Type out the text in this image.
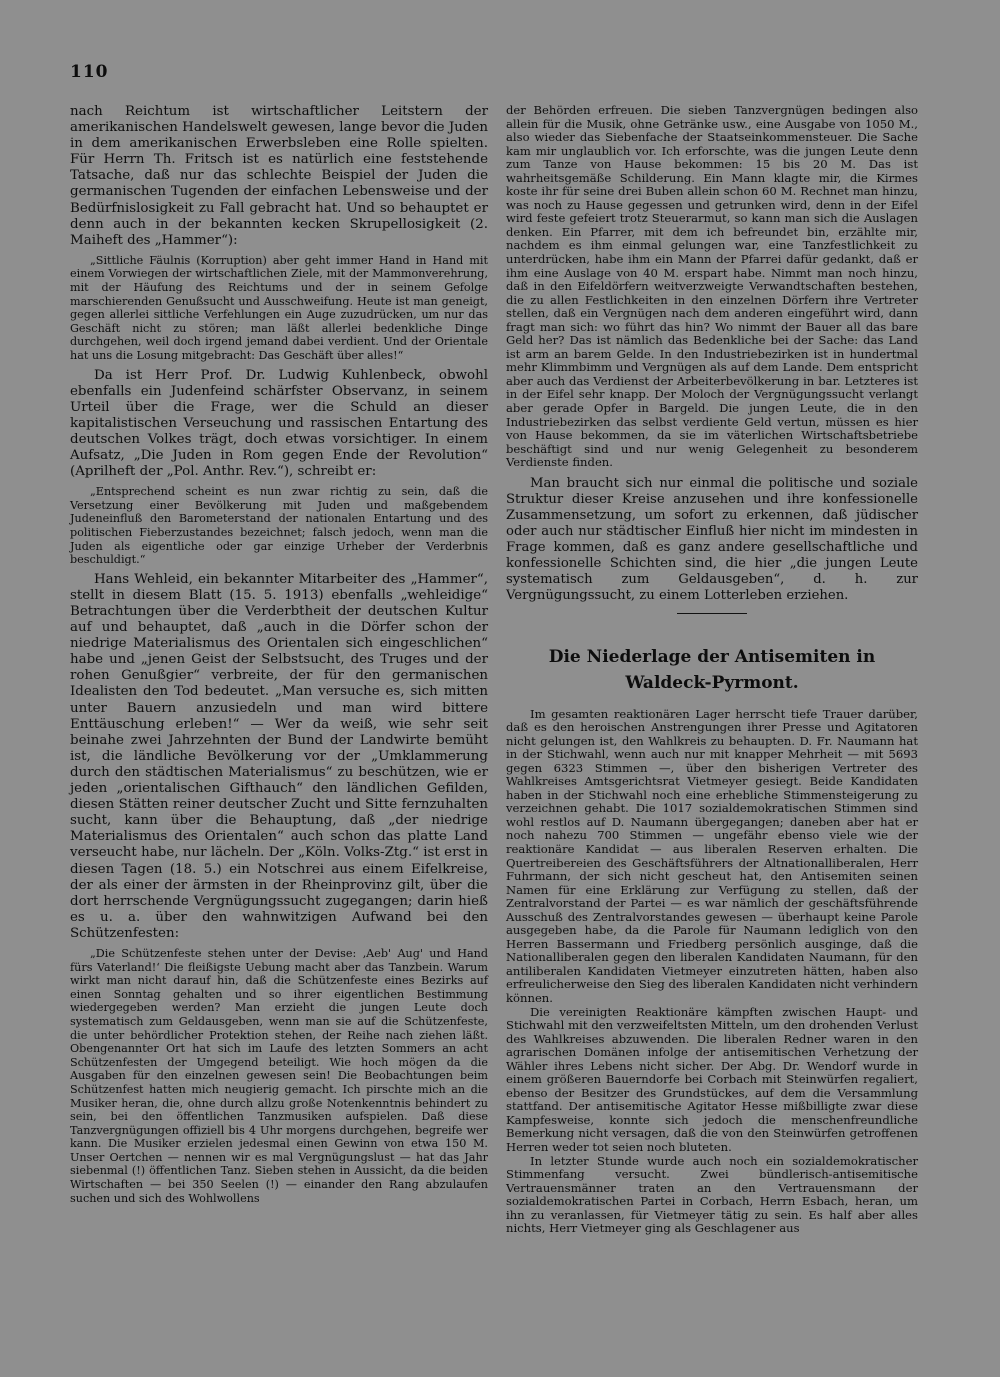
110

nach Reichtum ist wirtschaftlicher Leitstern der amerikanischen Handelswelt gewesen, lange bevor die Juden in dem amerikanischen Erwerbsleben eine Rolle spielten. Für Herrn Th. Fritsch ist es natürlich eine feststehende Tatsache, daß nur das schlechte Beispiel der Juden die germanischen Tugenden der einfachen Lebensweise und der Bedürfnislosigkeit zu Fall gebracht hat. Und so behauptet er denn auch in der bekannten kecken Skrupellosigkeit (2. Maiheft des „Hammer“):

„Sittliche Fäulnis (Korruption) aber geht immer Hand in Hand mit einem Vorwiegen der wirtschaftlichen Ziele, mit der Mammonverehrung, mit der Häufung des Reichtums und der in seinem Gefolge marschierenden Genußsucht und Ausschweifung. Heute ist man geneigt, gegen allerlei sittliche Verfehlungen ein Auge zuzudrücken, um nur das Geschäft nicht zu stören; man läßt allerlei bedenkliche Dinge durchgehen, weil doch irgend jemand dabei verdient. Und der Orientale hat uns die Losung mitgebracht: Das Geschäft über alles!“

Da ist Herr Prof. Dr. Ludwig Kuhlenbeck, obwohl ebenfalls ein Judenfeind schärfster Observanz, in seinem Urteil über die Frage, wer die Schuld an dieser kapitalistischen Verseuchung und rassischen Entartung des deutschen Volkes trägt, doch etwas vorsichtiger. In einem Aufsatz, „Die Juden in Rom gegen Ende der Revolution“ (Aprilheft der „Pol. Anthr. Rev.“), schreibt er:

„Entsprechend scheint es nun zwar richtig zu sein, daß die Versetzung einer Bevölkerung mit Juden und maßgebendem Judeneinfluß den Barometerstand der nationalen Entartung und des politischen Fieberzustandes bezeichnet; falsch jedoch, wenn man die Juden als eigentliche oder gar einzige Urheber der Verderbnis beschuldigt.“

Hans Wehleid, ein bekannter Mitarbeiter des „Hammer“, stellt in diesem Blatt (15. 5. 1913) ebenfalls „wehleidige“ Betrachtungen über die Verderbtheit der deutschen Kultur auf und behauptet, daß „auch in die Dörfer schon der niedrige Materialismus des Orientalen sich eingeschlichen“ habe und „jenen Geist der Selbstsucht, des Truges und der rohen Genußgier“ verbreite, der für den germanischen Idealisten den Tod bedeutet. „Man versuche es, sich mitten unter Bauern anzusiedeln und man wird bittere Enttäuschung erleben!“ — Wer da weiß, wie sehr seit beinahe zwei Jahrzehnten der Bund der Landwirte bemüht ist, die ländliche Bevölkerung vor der „Umklammerung durch den städtischen Materialismus“ zu beschützen, wie er jeden „orientalischen Gifthauch“ den ländlichen Gefilden, diesen Stätten reiner deutscher Zucht und Sitte fernzuhalten sucht, kann über die Behauptung, daß „der niedrige Materialismus des Orientalen“ auch schon das platte Land verseucht habe, nur lächeln. Der „Köln. Volks-Ztg.“ ist erst in diesen Tagen (18. 5.) ein Notschrei aus einem Eifelkreise, der als einer der ärmsten in der Rheinprovinz gilt, über die dort herrschende Vergnügungssucht zugegangen; darin hieß es u. a. über den wahnwitzigen Aufwand bei den Schützenfesten:

„Die Schützenfeste stehen unter der Devise: ‚Aeb' Aug' und Hand fürs Vaterland!‘ Die fleißigste Uebung macht aber das Tanzbein. Warum wirkt man nicht darauf hin, daß die Schützenfeste eines Bezirks auf einen Sonntag gehalten und so ihrer eigentlichen Bestimmung wiedergegeben werden? Man erzieht die jungen Leute doch systematisch zum Geldausgeben, wenn man sie auf die Schützenfeste, die unter behördlicher Protektion stehen, der Reihe nach ziehen läßt. Obengenannter Ort hat sich im Laufe des letzten Sommers an acht Schützenfesten der Umgegend beteiligt. Wie hoch mögen da die Ausgaben für den einzelnen gewesen sein! Die Beobachtungen beim Schützenfest hatten mich neugierig gemacht. Ich pirschte mich an die Musiker heran, die, ohne durch allzu große Notenkenntnis behindert zu sein, bei den öffentlichen Tanzmusiken aufspielen. Daß diese Tanzvergnügungen offiziell bis 4 Uhr morgens durchgehen, begreife wer kann. Die Musiker erzielen jedesmal einen Gewinn von etwa 150 M. Unser Oertchen — nennen wir es mal Vergnügungslust — hat das Jahr siebenmal (!) öffentlichen Tanz. Sieben stehen in Aussicht, da die beiden Wirtschaften — bei 350 Seelen (!) — einander den Rang abzulaufen suchen und sich des Wohlwollens

der Behörden erfreuen. Die sieben Tanzvergnügen bedingen also allein für die Musik, ohne Getränke usw., eine Ausgabe von 1050 M., also wieder das Siebenfache der Staatseinkommensteuer. Die Sache kam mir unglaublich vor. Ich erforschte, was die jungen Leute denn zum Tanze von Hause bekommen: 15 bis 20 M. Das ist wahrheitsgemäße Schilderung. Ein Mann klagte mir, die Kirmes koste ihr für seine drei Buben allein schon 60 M. Rechnet man hinzu, was noch zu Hause gegessen und getrunken wird, denn in der Eifel wird feste gefeiert trotz Steuerarmut, so kann man sich die Auslagen denken. Ein Pfarrer, mit dem ich befreundet bin, erzählte mir, nachdem es ihm einmal gelungen war, eine Tanzfestlichkeit zu unterdrücken, habe ihm ein Mann der Pfarrei dafür gedankt, daß er ihm eine Auslage von 40 M. erspart habe. Nimmt man noch hinzu, daß in den Eifeldörfern weitverzweigte Verwandtschaften bestehen, die zu allen Festlichkeiten in den einzelnen Dörfern ihre Vertreter stellen, daß ein Vergnügen nach dem anderen eingeführt wird, dann fragt man sich: wo führt das hin? Wo nimmt der Bauer all das bare Geld her? Das ist nämlich das Bedenkliche bei der Sache: das Land ist arm an barem Gelde. In den Industriebezirken ist in hundertmal mehr Klimmbimm und Vergnügen als auf dem Lande. Dem entspricht aber auch das Verdienst der Arbeiterbevölkerung in bar. Letzteres ist in der Eifel sehr knapp. Der Moloch der Vergnügungssucht verlangt aber gerade Opfer in Bargeld. Die jungen Leute, die in den Industriebezirken das selbst verdiente Geld vertun, müssen es hier von Hause bekommen, da sie im väterlichen Wirtschaftsbetriebe beschäftigt sind und nur wenig Gelegenheit zu besonderem Verdienste finden.

Man braucht sich nur einmal die politische und soziale Struktur dieser Kreise anzusehen und ihre konfessionelle Zusammensetzung, um sofort zu erkennen, daß jüdischer oder auch nur städtischer Einfluß hier nicht im mindesten in Frage kommen, daß es ganz andere gesellschaftliche und konfessionelle Schichten sind, die hier „die jungen Leute systematisch zum Geldausgeben“, d. h. zur Vergnügungssucht, zu einem Lotterleben erziehen.

Die Niederlage der Antisemiten in
Waldeck-Pyrmont.

Im gesamten reaktionären Lager herrscht tiefe Trauer darüber, daß es den heroischen Anstrengungen ihrer Presse und Agitatoren nicht gelungen ist, den Wahlkreis zu behaupten. D. Fr. Naumann hat in der Stichwahl, wenn auch nur mit knapper Mehrheit — mit 5693 gegen 6323 Stimmen —, über den bisherigen Vertreter des Wahlkreises Amtsgerichtsrat Vietmeyer gesiegt. Beide Kandidaten haben in der Stichwahl noch eine erhebliche Stimmensteigerung zu verzeichnen gehabt. Die 1017 sozialdemokratischen Stimmen sind wohl restlos auf D. Naumann übergegangen; daneben aber hat er noch nahezu 700 Stimmen — ungefähr ebenso viele wie der reaktionäre Kandidat — aus liberalen Reserven erhalten. Die Quertreibereien des Geschäftsführers der Altnationalliberalen, Herr Fuhrmann, der sich nicht gescheut hat, den Antisemiten seinen Namen für eine Erklärung zur Verfügung zu stellen, daß der Zentralvorstand der Partei — es war nämlich der geschäftsführende Ausschuß des Zentralvorstandes gewesen — überhaupt keine Parole ausgegeben habe, da die Parole für Naumann lediglich von den Herren Bassermann und Friedberg persönlich ausginge, daß die Nationalliberalen gegen den liberalen Kandidaten Naumann, für den antiliberalen Kandidaten Vietmeyer einzutreten hätten, haben also erfreulicherweise den Sieg des liberalen Kandidaten nicht verhindern können.

Die vereinigten Reaktionäre kämpften zwischen Haupt- und Stichwahl mit den verzweifeltsten Mitteln, um den drohenden Verlust des Wahlkreises abzuwenden. Die liberalen Redner waren in den agrarischen Domänen infolge der antisemitischen Verhetzung der Wähler ihres Lebens nicht sicher. Der Abg. Dr. Wendorf wurde in einem größeren Bauerndorfe bei Corbach mit Steinwürfen regaliert, ebenso der Besitzer des Grundstückes, auf dem die Versammlung stattfand. Der antisemitische Agitator Hesse mißbilligte zwar diese Kampfesweise, konnte sich jedoch die menschenfreundliche Bemerkung nicht versagen, daß die von den Steinwürfen getroffenen Herren weder tot seien noch bluteten.

In letzter Stunde wurde auch noch ein sozialdemokratischer Stimmenfang versucht. Zwei bündlerisch-antisemitische Vertrauensmänner traten an den Vertrauensmann der sozialdemokratischen Partei in Corbach, Herrn Esbach, heran, um ihn zu veranlassen, für Vietmeyer tätig zu sein. Es half aber alles nichts, Herr Vietmeyer ging als Geschlagener aus
